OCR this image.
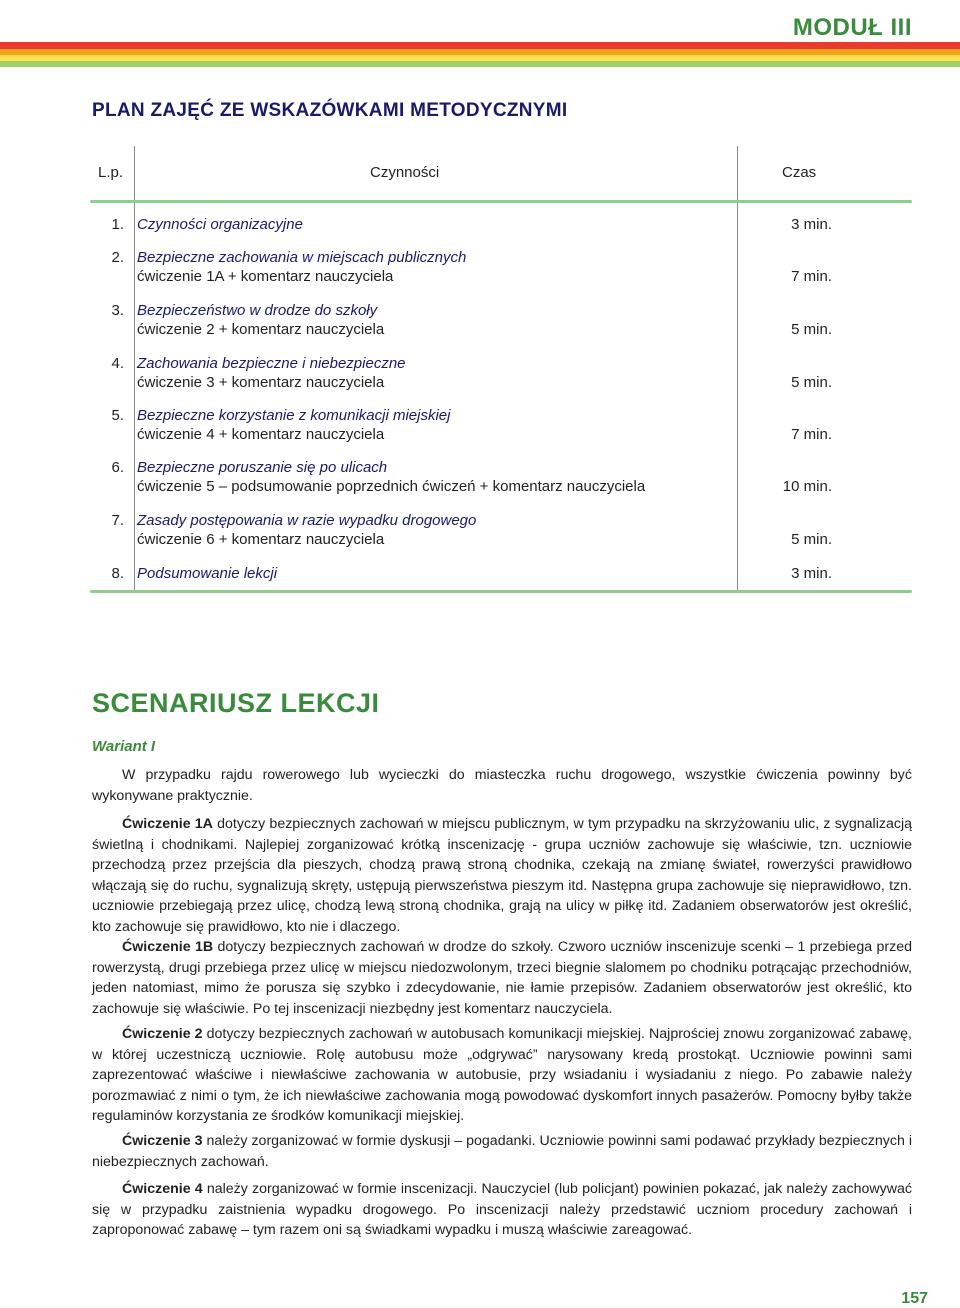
MODUŁ III
PLAN ZAJĘĆ ZE WSKAZÓWKAMI METODYCZNYMI
L.p.	Czynności	Czas
1. Czynności organizacyjne	3 min.
2. Bezpieczne zachowania w miejscach publicznych
ćwiczenie 1A + komentarz nauczyciela	7 min.
3. Bezpieczeństwo w drodze do szkoły
ćwiczenie 2 + komentarz nauczyciela	5 min.
4. Zachowania bezpieczne i niebezpieczne
ćwiczenie 3 + komentarz nauczyciela	5 min.
5. Bezpieczne korzystanie z komunikacji miejskiej
ćwiczenie 4 + komentarz nauczyciela	7 min.
6. Bezpieczne poruszanie się po ulicach
ćwiczenie 5 – podsumowanie poprzednich ćwiczeń + komentarz nauczyciela	10 min.
7. Zasady postępowania w razie wypadku drogowego
ćwiczenie 6 + komentarz nauczyciela	5 min.
8. Podsumowanie lekcji	3 min.
SCENARIUSZ LEKCJI
Wariant I
W przypadku rajdu rowerowego lub wycieczki do miasteczka ruchu drogowego, wszystkie ćwiczenia powinny być wykonywane praktycznie.
Ćwiczenie 1A dotyczy bezpiecznych zachowań w miejscu publicznym, w tym przypadku na skrzyżowaniu ulic, z sygnalizacją świetlną i chodnikami. Najlepiej zorganizować krótką inscenizację - grupa uczniów zachowuje się właściwie, tzn. uczniowie przechodzą przez przejścia dla pieszych, chodzą prawą stroną chodnika, czekają na zmianę świateł, rowerzyści prawidłowo włączają się do ruchu, sygnalizują skręty, ustępują pierwszeństwa pieszym itd. Następna grupa zachowuje się nieprawidłowo, tzn. uczniowie przebiegają przez ulicę, chodzą lewą stroną chodnika, grają na ulicy w piłkę itd. Zadaniem obserwatorów jest określić, kto zachowuje się prawidłowo, kto nie i dlaczego.
Ćwiczenie 1B dotyczy bezpiecznych zachowań w drodze do szkoły. Czworo uczniów inscenizuje scenki – 1 przebiega przed rowerzystą, drugi przebiega przez ulicę w miejscu niedozwolonym, trzeci biegnie slalomem po chodniku potrącając przechodniów, jeden natomiast, mimo że porusza się szybko i zdecydowanie, nie łamie przepisów. Zadaniem obserwatorów jest określić, kto zachowuje się właściwie. Po tej inscenizacji niezbędny jest komentarz nauczyciela.
Ćwiczenie 2 dotyczy bezpiecznych zachowań w autobusach komunikacji miejskiej. Najprościej znowu zorganizować zabawę, w której uczestniczą uczniowie. Rolę autobusu może „odgrywać” narysowany kredą prostokąt. Uczniowie powinni sami zaprezentować właściwe i niewłaściwe zachowania w autobusie, przy wsiadaniu i wysiadaniu z niego. Po zabawie należy porozmawiać z nimi o tym, że ich niewłaściwe zachowania mogą powodować dyskomfort innych pasażerów. Pomocny byłby także regulaminów korzystania ze środków komunikacji miejskiej.
Ćwiczenie 3 należy zorganizować w formie dyskusji – pogadanki. Uczniowie powinni sami podawać przykłady bezpiecznych i niebezpiecznych zachowań.
Ćwiczenie 4 należy zorganizować w formie inscenizacji. Nauczyciel (lub policjant) powinien pokazać, jak należy zachowywać się w przypadku zaistnienia wypadku drogowego. Po inscenizacji należy przedstawić uczniom procedury zachowań i zaproponować zabawę – tym razem oni są świadkami wypadku i muszą właściwie zareagować.
157
